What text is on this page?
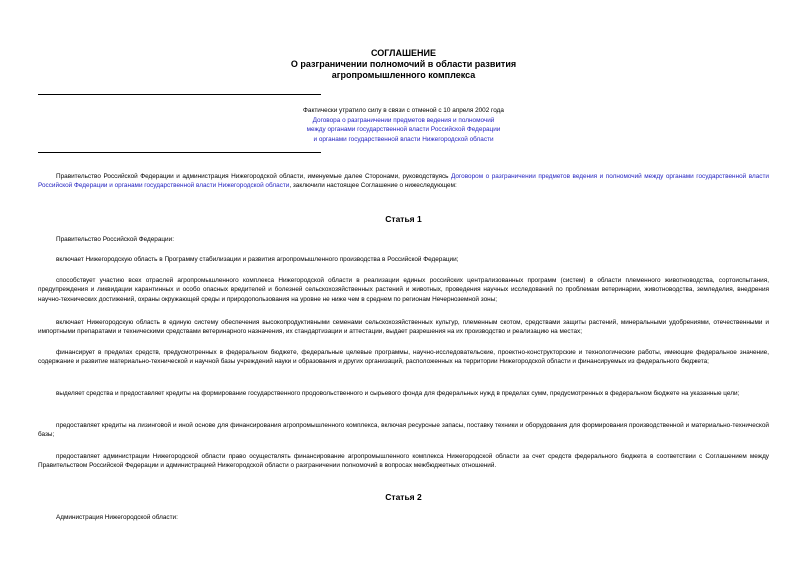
СОГЛАШЕНИЕ
О разграничении полномочий в области развития
агропромышленного комплекса
Фактически утратило силу в связи с отменой с 10 апреля 2002 года
Договора о разграничении предметов ведения и полномочий
между органами государственной власти Российской Федерации
и органами государственной власти Нижегородской области
Правительство Российской Федерации и администрация Нижегородской области, именуемые далее Сторонами, руководствуясь Договором о разграничении предметов ведения и полномочий между органами государственной власти Российской Федерации и органами государственной власти Нижегородской области, заключили настоящее Соглашение о нижеследующем:
Статья 1
Правительство Российской Федерации:
включает Нижегородскую область в Программу стабилизации и развития агропромышленного производства в Российской Федерации;
способствует участию всех отраслей агропромышленного комплекса Нижегородской области в реализации единых российских централизованных программ (систем) в области племенного животноводства, сортоиспытания, предупреждения и ликвидации карантинных и особо опасных вредителей и болезней сельскохозяйственных растений и животных, проведения научных исследований по проблемам ветеринарии, животноводства, земледелия, внедрения научно-технических достижений, охраны окружающей среды и природопользования на уровне не ниже чем в среднем по регионам Нечерноземной зоны;
включает Нижегородскую область в единую систему обеспечения высокопродуктивными семенами сельскохозяйственных культур, племенным скотом, средствами защиты растений, минеральными удобрениями, отечественными и импортными препаратами и техническими средствами ветеринарного назначения, их стандартизации и аттестации, выдает разрешения на их производство и реализацию на местах;
финансирует в пределах средств, предусмотренных в федеральном бюджете, федеральные целевые программы, научно-исследовательские, проектно-конструкторские и технологические работы, имеющие федеральное значение, содержание и развитие материально-технической и научной базы учреждений науки и образования и других организаций, расположенных на территории Нижегородской области и финансируемых из федерального бюджета;
выделяет средства и предоставляет кредиты на формирование государственного продовольственного и сырьевого фонда для федеральных нужд в пределах сумм, предусмотренных в федеральном бюджете на указанные цели;
предоставляет кредиты на лизинговой и иной основе для финансирования агропромышленного комплекса, включая ресурсные запасы, поставку техники и оборудования для формирования производственной и материально-технической базы;
предоставляет администрации Нижегородской области право осуществлять финансирование агропромышленного комплекса Нижегородской области за счет средств федерального бюджета в соответствии с Соглашением между Правительством Российской Федерации и администрацией Нижегородской области о разграничении полномочий в вопросах межбюджетных отношений.
Статья 2
Администрация Нижегородской области:
